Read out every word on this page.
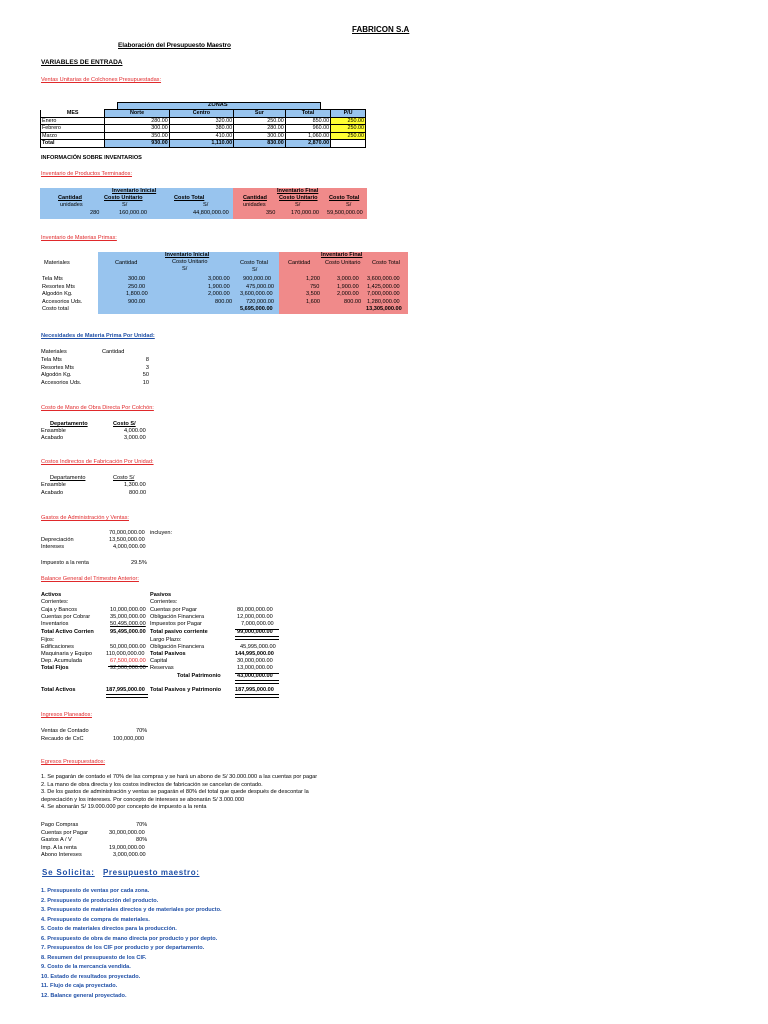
FABRICON S.A
Elaboración del Presupuesto Maestro
VARIABLES DE ENTRADA
Ventas Unitarias de Colchones Presupuestadas:
ZONAS
MES	Norte	Centro	Sur	Total	P/U
Enero	280.00	320.00	250.00	850.00	250.00
Febrero	300.00	380.00	280.00	960.00	250.00
Marzo	350.00	410.00	300.00	1,060.00	250.00
Total	930.00	1,110.00	830.00	2,870.00	
INFORMACIÓN SOBRE INVENTARIOS
Inventario de Productos Terminados:
Inventario Inicial
Cantidad	Costo Unitario	Costo Total
unidades	S/	S/
280	160,000.00	44,800,000.00
Inventario Final
Cantidad Costo Unitario Costo Total
unidades	S/	S/
350	170,000.00 59,500,000.00
Inventario de Materias Primas:
Materiales
Inventario Inicial	Inventario Final
Cantidad	Costo Unitario	Costo Total	Cantidad	Costo Unitario Costo Total
S/	S/
Tela Mts	300.00	3,000.00 900,000.00	1,200	3,000.00 3,600,000.00
Resortes Mts	250.00	1,900.00	475,000.00	750	1,900.00 1,425,000.00
Algodón Kg.	1,800.00	2,000.00 3,600,000.00	3,500	2,000.00 7,000,000.00
Accesorios Uds.	900.00	800.00 720,000.00	1,600	800.00 1,280,000.00
Costo total	5,695,000.00	13,305,000.00
Necesidades de Materia Prima Por Unidad:
Materiales	Cantidad
Tela Mts	8
Resortes Mts	3
Algodón Kg.	50
Accesorios Uds.	10
Costo de Mano de Obra Directa Por Colchón:
Departamento	Costo S/
Ensamble	4,000.00
Acabado	3,000.00
Costos Indirectos de Fabricación Por Unidad:
Departamento	Costo S/
Ensamble	1,300.00
Acabado	800.00
Gastos de Administración y Ventas:
70,000,000.00 incluyen:
Depreciación	13,500,000.00
Intereses	4,000,000.00
Impuesto a la renta	29.5%
Balance General del Trimestre Anterior:
Activos	Pasivos
Corrientes:	Corrientes:
Caja y Bancos	10,000,000.00 Cuentas por Pagar	80,000,000.00
Cuentas por Cobrar	35,000,000.00 Obligación Financiera	12,000,000.00
Inventarios	50,495,000.00 Impuestos por Pagar	7,000,000.00
Total Activo Corrien	95,495,000.00 Total pasivo corriente	99,000,000.00
Fijos:	Largo Plazo:
Edificaciones	50,000,000.00 Obligación Financiera	45,995,000.00
Maquinaria y Equipo	110,000,000.00 Total Pasivos	144,995,000.00
Dep. Acumulada	67,500,000.00 Capital	30,000,000.00
Total Fijos	92,500,000.00 Reservas	13,000,000.00
Total Patrimonio	43,000,000.00
Total Activos	187,995,000.00 Total Pasivos y Patrimonio 187,995,000.00
Ingresos Planeados:
Ventas de Contado	70%
Recaudo de CxC	100,000,000
Egresos Presupuestados:
1. Se pagarán de contado el 70% de las compras y se hará un abono de S/ 30.000.000 a las cuentas por pagar
2. La mano de obra directa y los costos indirectos de fabricación se cancelan de contado.
3. De los gastos de administración y ventas se pagarán el 80% del total que quede después de descontar la
depreciación y los intereses. Por concepto de intereses se abonarán S/ 3.000.000
4. Se abonarán S/ 19.000.000 por concepto de impuesto a la renta
Pago Compras	70%
Cuentas por Pagar	30,000,000.00
Gastos A / V	80%
Imp. A la renta	19,000,000.00
Abono Intereses	3,000,000.00
Se Solicita: Presupuesto maestro:
1. Presupuesto de ventas por cada zona.
2. Presupuesto de producción del producto.
3. Presupuesto de materiales directos y de materiales por producto.
4. Presupuesto de compra de materiales.
5. Costo de materiales directos para la producción.
6. Presupuesto de obra de mano directa por producto y por depto.
7. Presupuestos de los CIF por producto y por departamento.
8. Resumen del presupuesto de los CIF.
9. Costo de la mercancía vendida.
10. Estado de resultados proyectado.
11. Flujo de caja proyectado.
12. Balance general proyectado.
